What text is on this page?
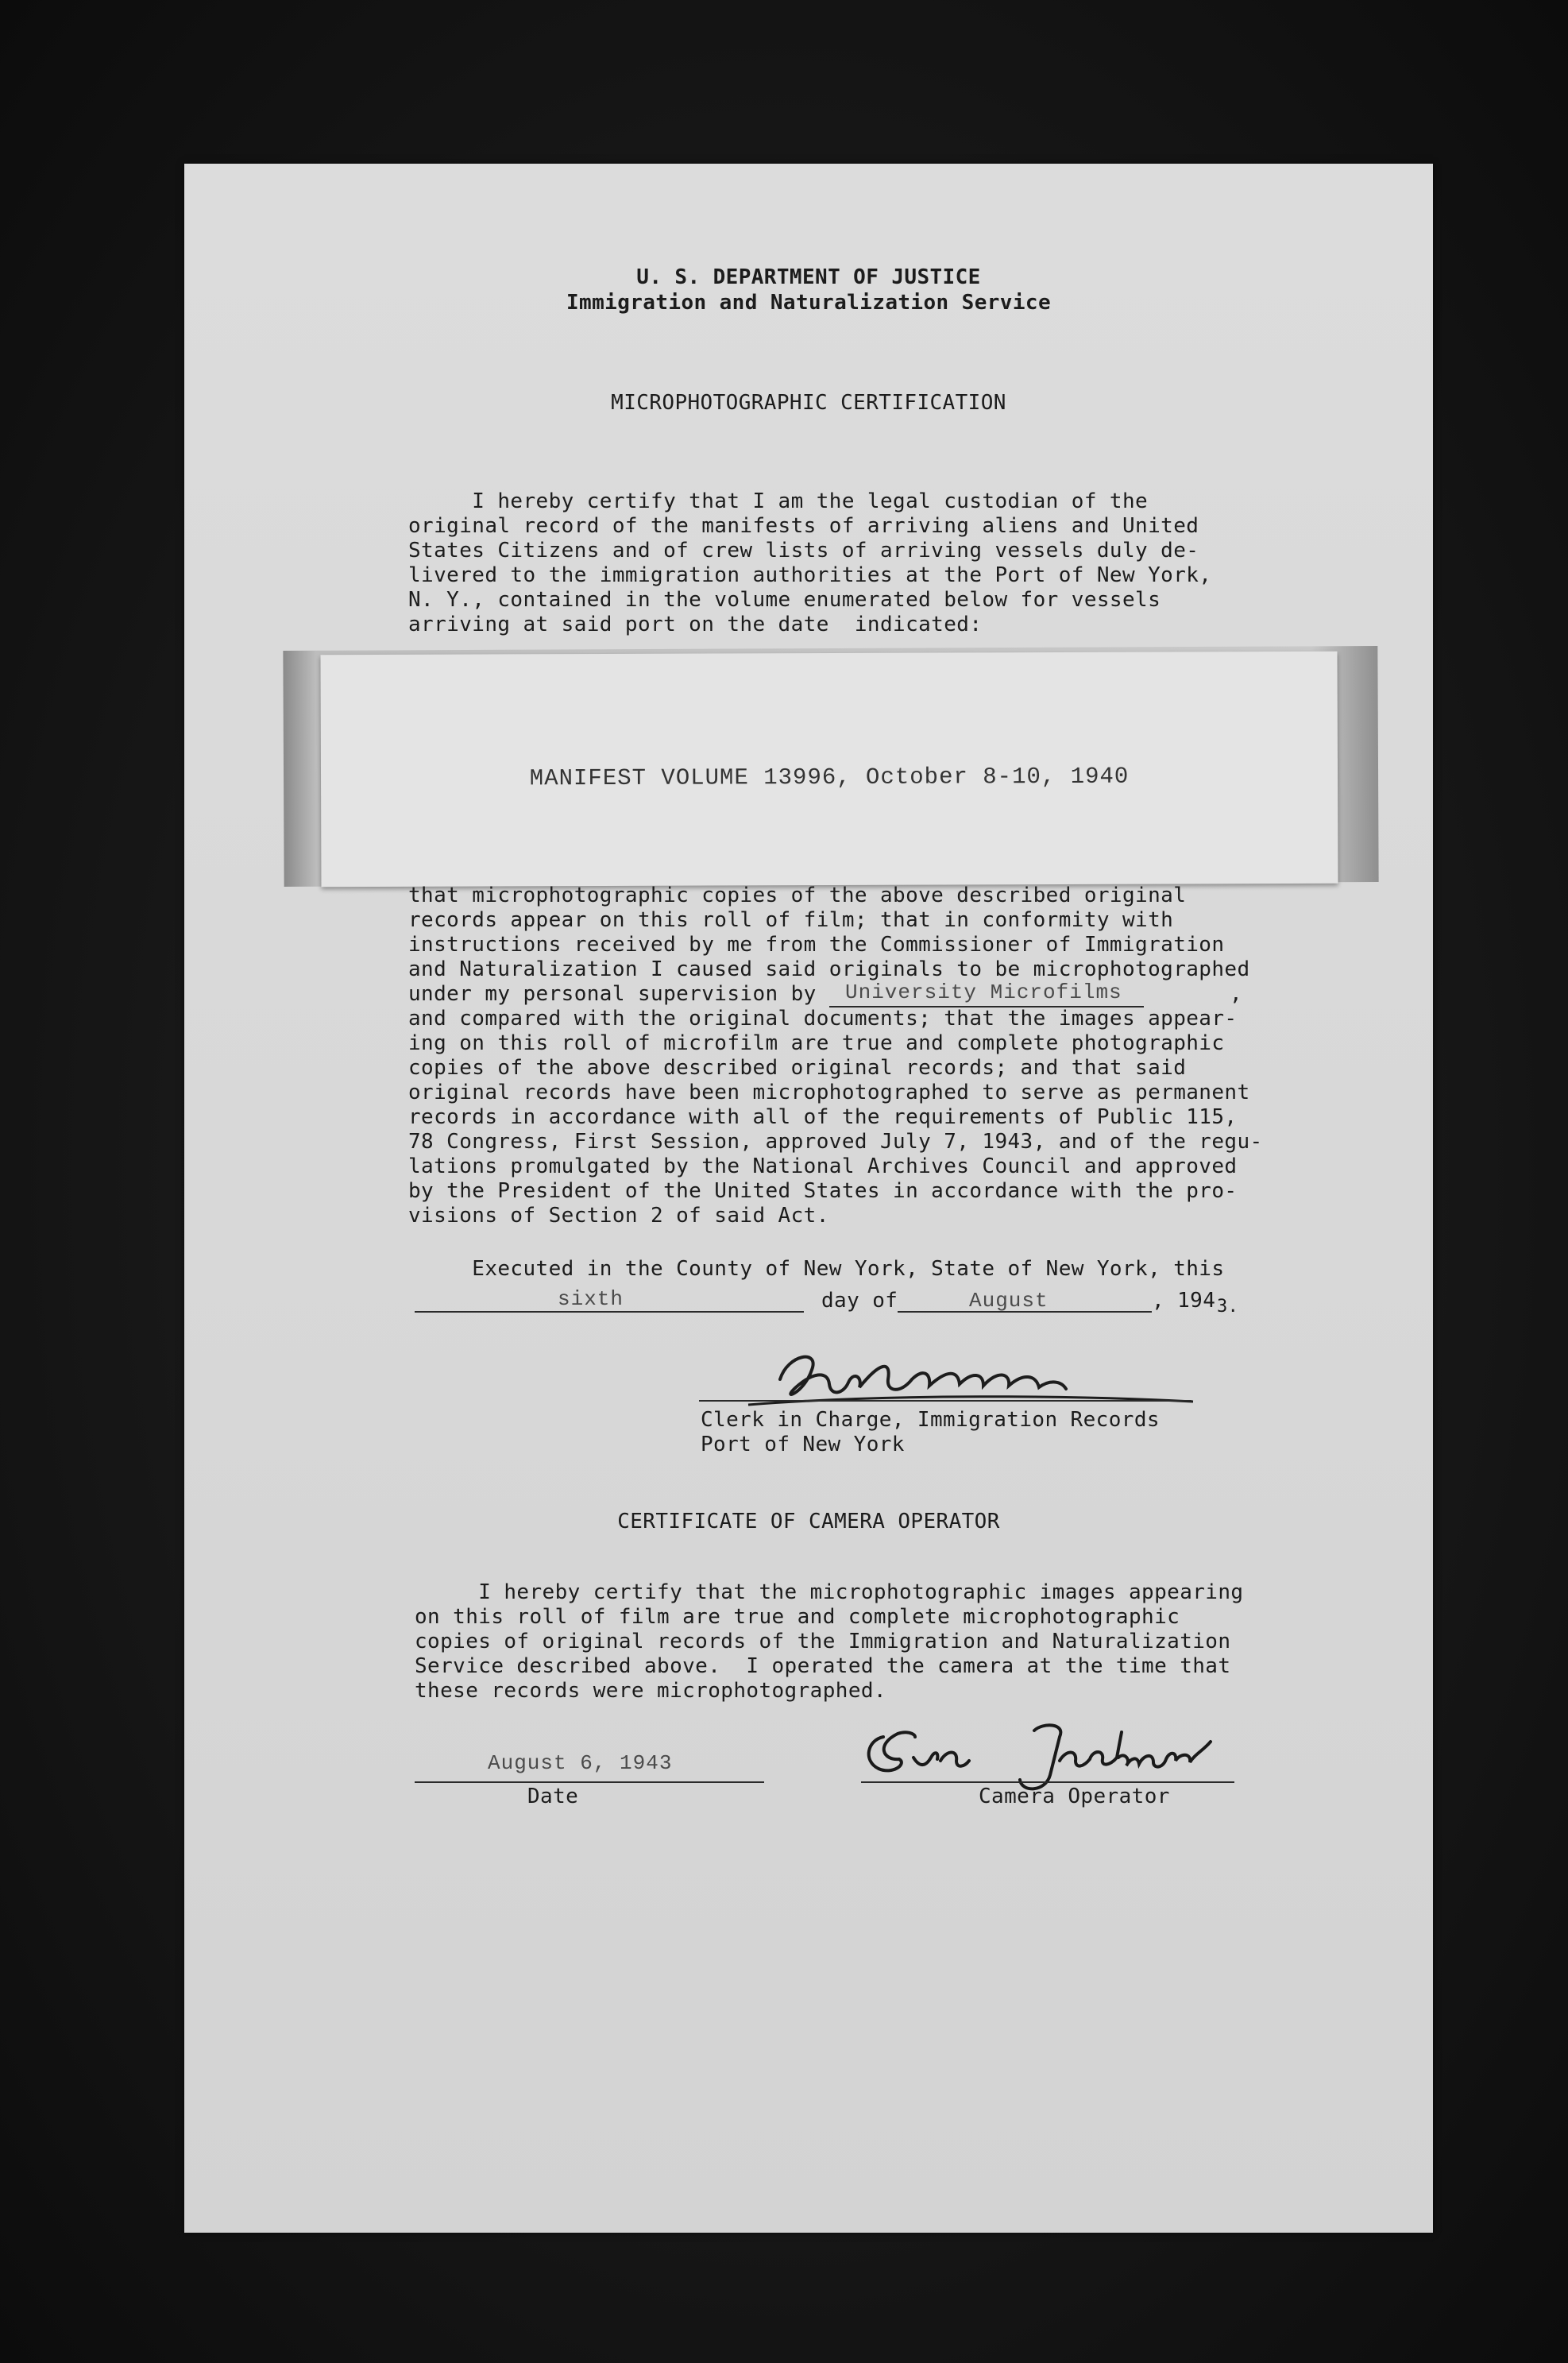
U. S. DEPARTMENT OF JUSTICE
Immigration and Naturalization Service
MICROPHOTOGRAPHIC CERTIFICATION
I hereby certify that I am the legal custodian of the
original record of the manifests of arriving aliens and United
States Citizens and of crew lists of arriving vessels duly de-
livered to the immigration authorities at the Port of New York,
N. Y., contained in the volume enumerated below for vessels
arriving at said port on the date  indicated:
MANIFEST VOLUME 13996, October 8-10, 1940
that microphotographic copies of the above described original
records appear on this roll of film; that in conformity with
instructions received by me from the Commissioner of Immigration
and Naturalization I caused said originals to be microphotographed
under my personal supervision by University Microfilms	,
and compared with the original documents; that the images appear-
ing on this roll of microfilm are true and complete photographic
copies of the above described original records; and that said
original records have been microphotographed to serve as permanent
records in accordance with all of the requirements of Public 115,
78 Congress, First Session, approved July 7, 1943, and of the regu-
lations promulgated by the National Archives Council and approved
by the President of the United States in accordance with the pro-
visions of Section 2 of said Act.
Executed in the County of New York, State of New York, this
sixth	day of	August	, 194 3.
Clerk in Charge, Immigration Records
Port of New York
CERTIFICATE OF CAMERA OPERATOR
I hereby certify that the microphotographic images appearing
on this roll of film are true and complete microphotographic
copies of original records of the Immigration and Naturalization
Service described above.  I operated the camera at the time that
these records were microphotographed.
August 6, 1943
Date	Camera Operator
